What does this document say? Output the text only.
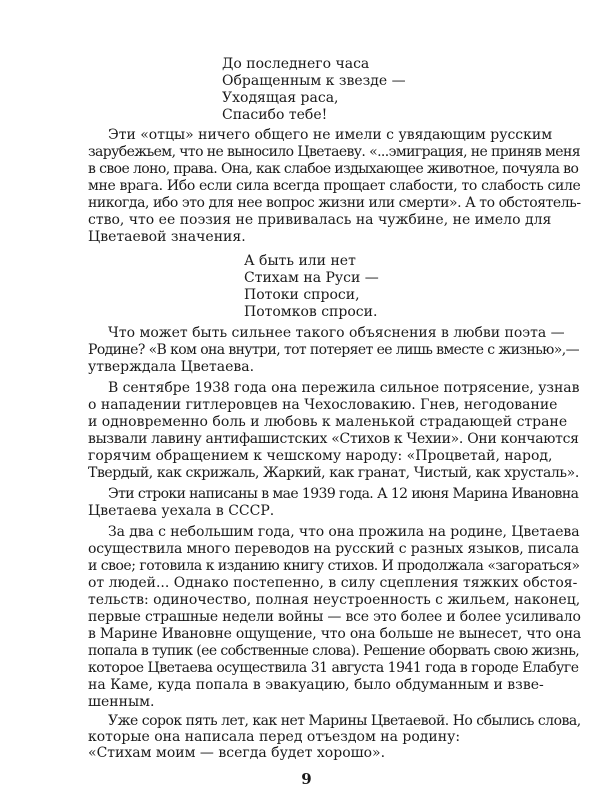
До последнего часа
Обращенным к звезде —
Уходящая раса,
Спасибо тебе!
Эти «отцы» ничего общего не имели с увядающим русским
зарубежьем, что не выносило Цветаеву. «...эмиграция, не приняв меня
в свое лоно, права. Она, как слабое издыхающее животное, почуяла во
мне врага. Ибо если сила всегда прощает слабости, то слабость силе
никогда, ибо это для нее вопрос жизни или смерти». А то обстоятель-
ство, что ее поэзия не прививалась на чужбине, не имело для
Цветаевой значения.
А быть или нет
Стихам на Руси —
Потоки спроси,
Потомков спроси.
Что может быть сильнее такого объяснения в любви поэта —
Родине? «В ком она внутри, тот потеряет ее лишь вместе с жизнью»,—
утверждала Цветаева.
В сентябре 1938 года она пережила сильное потрясение, узнав
о нападении гитлеровцев на Чехословакию. Гнев, негодование
и одновременно боль и любовь к маленькой страдающей стране
вызвали лавину антифашистских «Стихов к Чехии». Они кончаются
горячим обращением к чешскому народу: «Процветай, народ,
Твердый, как скрижаль, Жаркий, как гранат, Чистый, как хрусталь».
Эти строки написаны в мае 1939 года. А 12 июня Марина Ивановна
Цветаева уехала в СССР.
За два с небольшим года, что она прожила на родине, Цветаева
осуществила много переводов на русский с разных языков, писала
и свое; готовила к изданию книгу стихов. И продолжала «загораться»
от людей... Однако постепенно, в силу сцепления тяжких обстоя-
тельств: одиночество, полная неустроенность с жильем, наконец,
первые страшные недели войны — все это более и более усиливало
в Марине Ивановне ощущение, что она больше не вынесет, что она
попала в тупик (ее собственные слова). Решение оборвать свою жизнь,
которое Цветаева осуществила 31 августа 1941 года в городе Елабуге
на Каме, куда попала в эвакуацию, было обдуманным и взве-
шенным.
Уже сорок пять лет, как нет Марины Цветаевой. Но сбылись слова,
которые она написала перед отъездом на родину:
«Стихам моим — всегда будет хорошо».
9
